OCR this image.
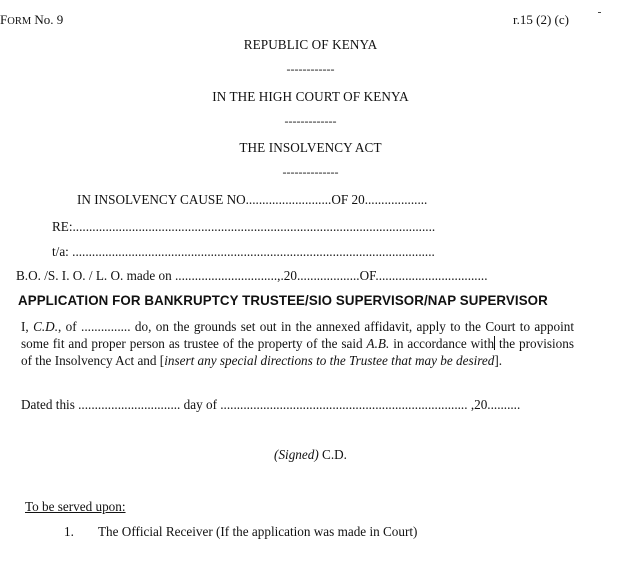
FORM No. 9	r.15 (2) (c)
REPUBLIC OF KENYA
------------
IN THE HIGH COURT OF KENYA
-------------
THE INSOLVENCY ACT
--------------
IN INSOLVENCY CAUSE NO..........................OF 20...................
RE:..............................................................................................................
t/a: ..............................................................................................................
B.O. /S. I. O. / L. O. made on ...............................,.20...................OF..................................
APPLICATION FOR BANKRUPTCY TRUSTEE/SIO SUPERVISOR/NAP SUPERVISOR
I, C.D., of ............... do, on the grounds set out in the annexed affidavit, apply to the Court to appoint some fit and proper person as trustee of the property of the said A.B. in accordance with the provisions of the Insolvency Act and [insert any special directions to the Trustee that may be desired].
Dated this ............................... day of ........................................................................... ,20..........
(Signed) C.D.
To be served upon:
1. The Official Receiver (If the application was made in Court)
